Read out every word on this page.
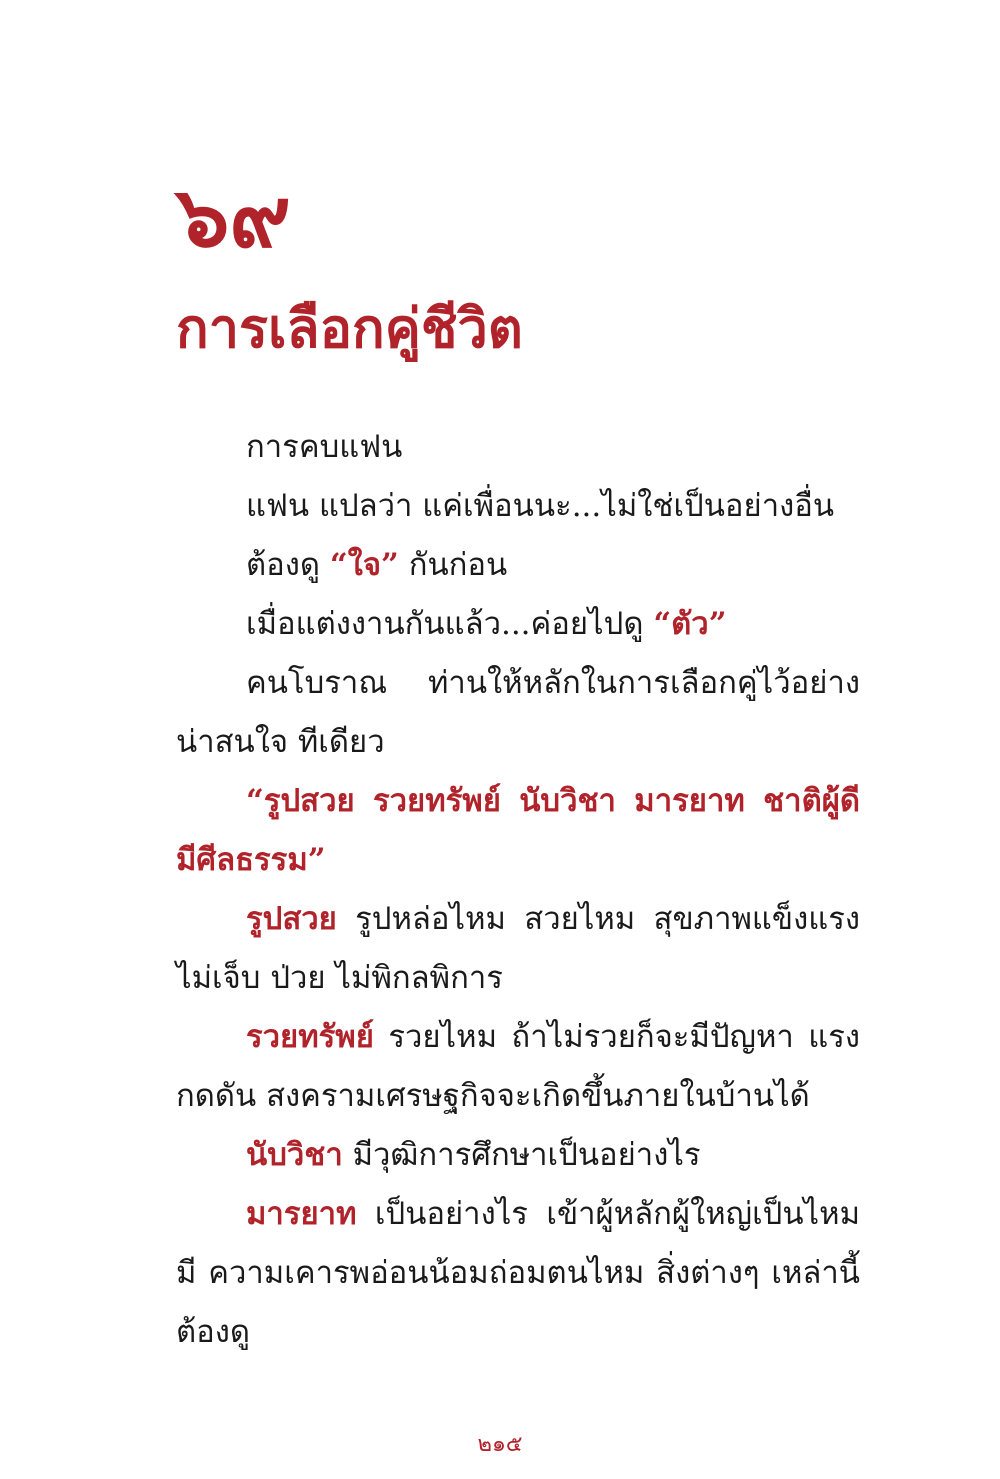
๖๙
การเลือกคู่ชีวิต
การคบแฟน
แฟน แปลว่า แค่เพื่อนนะ...ไม่ใช่เป็นอย่างอื่น
ต้องดู “ใจ” กันก่อน
เมื่อแต่งงานกันแล้ว...ค่อยไปดู “ตัว”

คนโบราณ ท่านให้หลักในการเลือกคู่ไว้อย่างน่าสนใจ ทีเดียว

“รูปสวย รวยทรัพย์ นับวิชา มารยาท ชาติผู้ดี มีศีลธรรม”

รูปสวย รูปหล่อไหม สวยไหม สุขภาพแข็งแรง ไม่เจ็บ ป่วย ไม่พิกลพิการ

รวยทรัพย์ รวยไหม ถ้าไม่รวยก็จะมีปัญหา แรงกดดัน สงครามเศรษฐกิจจะเกิดขึ้นภายในบ้านได้

นับวิชา มีวุฒิการศึกษาเป็นอย่างไร

มารยาท เป็นอย่างไร เข้าผู้หลักผู้ใหญ่เป็นไหม มี ความเคารพอ่อนน้อมถ่อมตนไหม สิ่งต่างๆ เหล่านี้ต้องดู

๒๑๕
